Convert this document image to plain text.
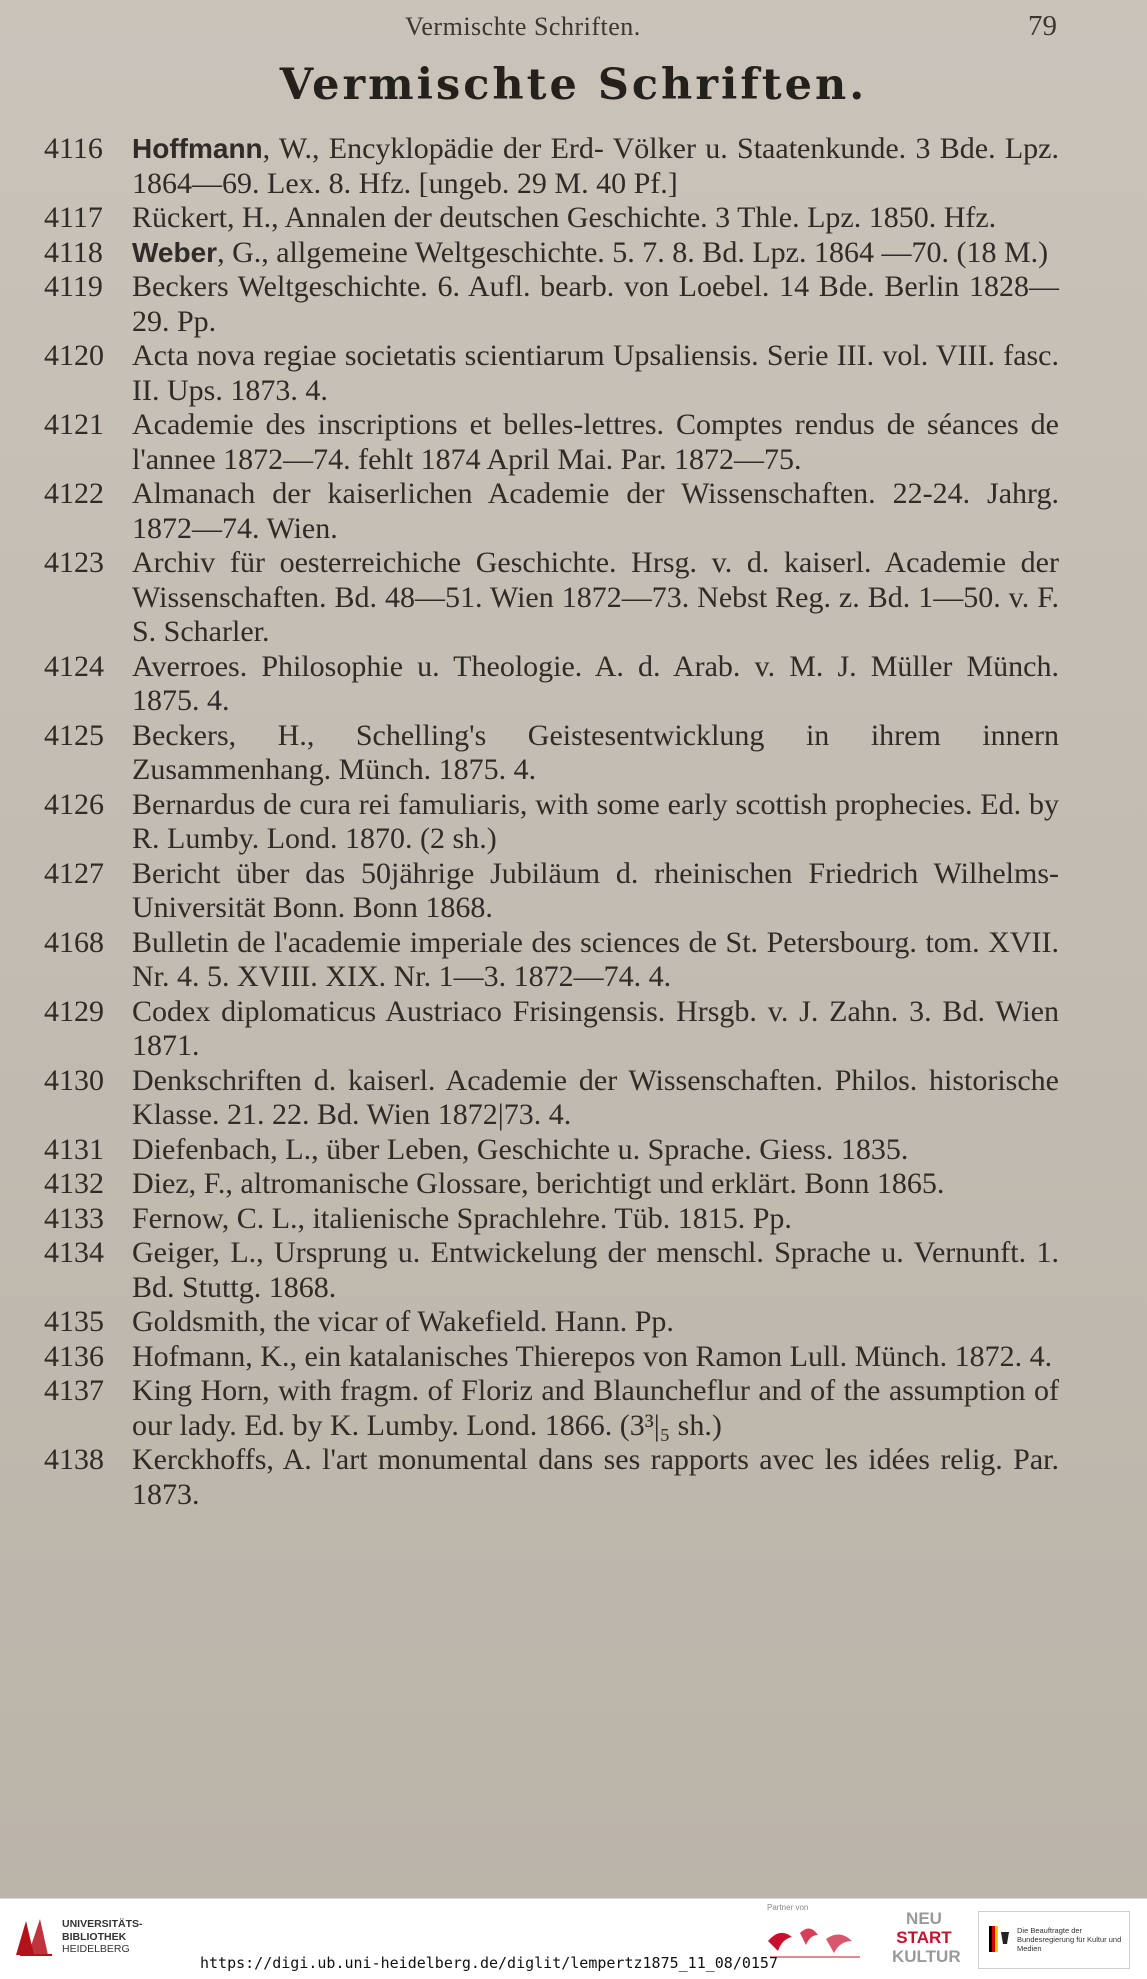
Vermischte Schriften.	79
Vermischte Schriften.
4116	Hoffmann, W., Encyklopädie der Erd- Völker u. Staatenkunde. 3 Bde. Lpz. 1864—69. Lex. 8. Hfz. [ungeb. 29 M. 40 Pf.]
4117 Rückert, H., Annalen der deutschen Geschichte. 3 Thle. Lpz. 1850. Hfz.
4118	Weber, G., allgemeine Weltgeschichte. 5. 7. 8. Bd. Lpz. 1864 —70. (18 M.)
4119 Beckers Weltgeschichte. 6. Aufl. bearb. von Loebel. 14 Bde. Berlin 1828—29. Pp.
4120 Acta nova regiae societatis scientiarum Upsaliensis. Serie III. vol. VIII. fasc. II. Ups. 1873. 4.
4121 Academie des inscriptions et belles-lettres. Comptes rendus de séances de l'annee 1872—74. fehlt 1874 April Mai. Par. 1872—75.
4122 Almanach der kaiserlichen Academie der Wissenschaften. 22-24. Jahrg. 1872—74. Wien.
4123 Archiv für oesterreichiche Geschichte. Hrsg. v. d. kaiserl. Academie der Wissenschaften. Bd. 48—51. Wien 1872—73. Nebst Reg. z. Bd. 1—50. v. F. S. Scharler.
4124 Averroes. Philosophie u. Theologie. A. d. Arab. v. M. J. Müller Münch. 1875. 4.
4125 Beckers, H., Schelling's Geistesentwicklung in ihrem innern Zusammenhang. Münch. 1875. 4.
4126 Bernardus de cura rei famuliaris, with some early scottish prophecies. Ed. by R. Lumby. Lond. 1870. (2 sh.)
4127 Bericht über das 50jährige Jubiläum d. rheinischen Friedrich Wilhelms-Universität Bonn. Bonn 1868.
4168 Bulletin de l'academie imperiale des sciences de St. Petersbourg. tom. XVII. Nr. 4. 5. XVIII. XIX. Nr. 1—3. 1872—74. 4.
4129 Codex diplomaticus Austriaco Frisingensis. Hrsgb. v. J. Zahn. 3. Bd. Wien 1871.
4130 Denkschriften d. kaiserl. Academie der Wissenschaften. Philos. historische Klasse. 21. 22. Bd. Wien 1872|73. 4.
4131 Diefenbach, L., über Leben, Geschichte u. Sprache. Giess. 1835.
4132 Diez, F., altromanische Glossare, berichtigt und erklärt. Bonn 1865.
4133 Fernow, C. L., italienische Sprachlehre. Tüb. 1815. Pp.
4134 Geiger, L., Ursprung u. Entwickelung der menschl. Sprache u. Vernunft. 1. Bd. Stuttg. 1868.
4135 Goldsmith, the vicar of Wakefield. Hann. Pp.
4136 Hofmann, K., ein katalanisches Thierepos von Ramon Lull. Münch. 1872. 4.
4137 King Horn, with fragm. of Floriz and Blauncheflur and of the assumption of our lady. Ed. by K. Lumby. Lond. 1866. (3³|₅ sh.)
4138 Kerckhoffs, A. l'art monumental dans ses rapports avec les idées relig. Par. 1873.
UNIVERSITÄTS-
BIBLIOTHEK
HEIDELBERG
Partner von
NEU
START
KULTUR
Die Beauftragte der Bundesregierung für Kultur und Medien
https://digi.ub.uni-heidelberg.de/diglit/lempertz1875_11_08/0157
